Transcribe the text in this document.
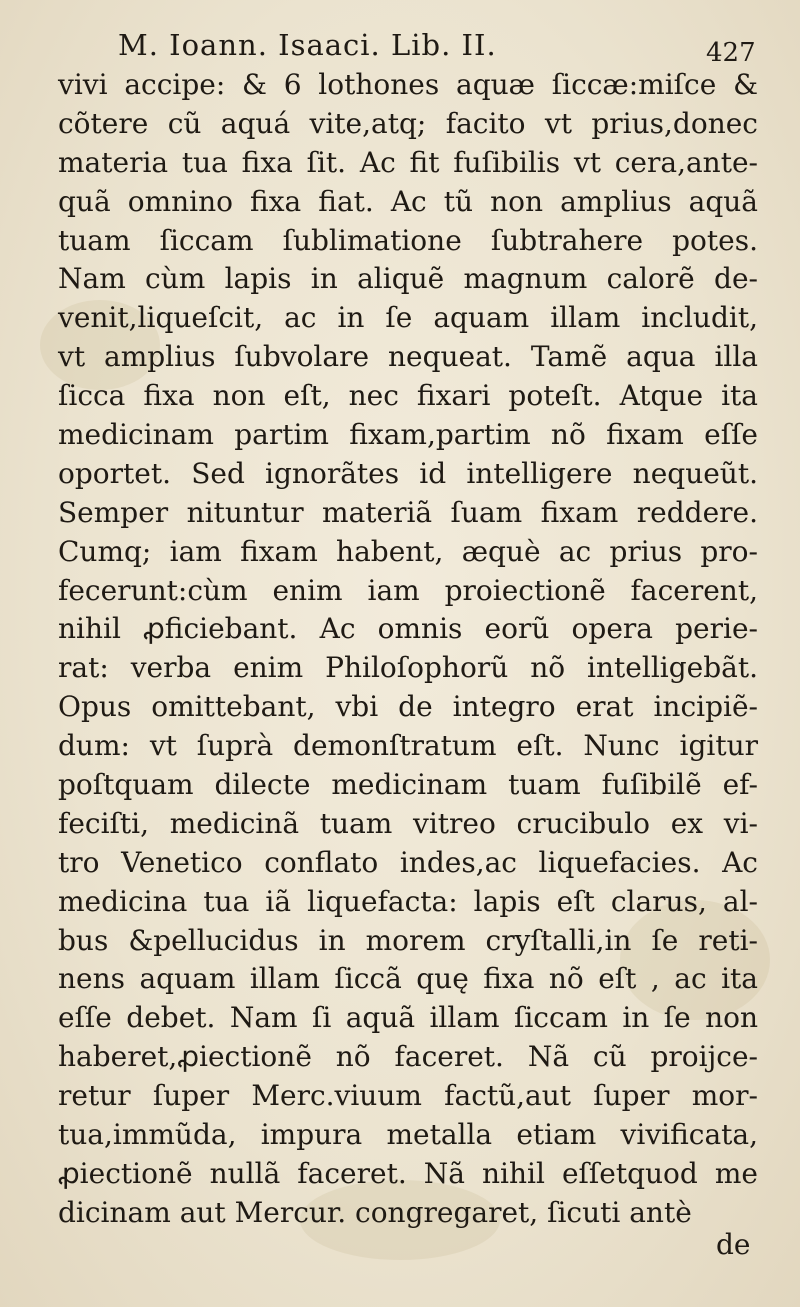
M. Ioann. Isaaci. Lib. II.	427
vivi accipe: & 6 lothones aquæ ſiccæ:miſce &
cõtere cũ aquá vite,atq; facito vt prius,donec
materia tua fixa ſit. Ac fit fuſibilis vt cera,ante-
quã omnino fixa fiat. Ac tũ non amplius aquã
tuam ſiccam ſublimatione ſubtrahere potes.
Nam cùm lapis in aliquẽ magnum calorẽ de-
venit,liqueſcit, ac in ſe aquam illam includit,
vt amplius ſubvolare nequeat. Tamẽ aqua illa
ſicca fixa non eſt, nec fixari poteſt. Atque ita
medicinam partim fixam,partim nõ fixam eſſe
oportet. Sed ignorãtes id intelligere nequeũt.
Semper nituntur materiã ſuam fixam reddere.
Cumq; iam fixam habent, æquè ac prius pro-
fecerunt:cùm enim iam proiectionẽ facerent,
nihil ꝓficiebant. Ac omnis eorũ opera perie-
rat: verba enim Philoſophorũ nõ intelligebãt.
Opus omittebant, vbi de integro erat incipiẽ-
dum: vt ſuprà demonſtratum eſt. Nunc igitur
poſtquam dilecte medicinam tuam fuſibilẽ ef-
feciſti, medicinã tuam vitreo crucibulo ex vi-
tro Venetico conflato indes,ac liquefacies. Ac
medicina tua iã liquefacta: lapis eſt clarus, al-
bus &pellucidus in morem cryſtalli,in ſe reti-
nens aquam illam ſiccã quę fixa nõ eſt , ac ita
eſſe debet. Nam ſi aquã illam ſiccam in ſe non
haberet,ꝓiectionẽ nõ faceret. Nã cũ proijce-
retur ſuper Merc.viuum factũ,aut ſuper mor-
tua,immũda, impura metalla etiam vivificata,
ꝓiectionẽ nullã faceret. Nã nihil eſſetquod me
dicinam aut Mercur. congregaret, ſicuti antè
de
